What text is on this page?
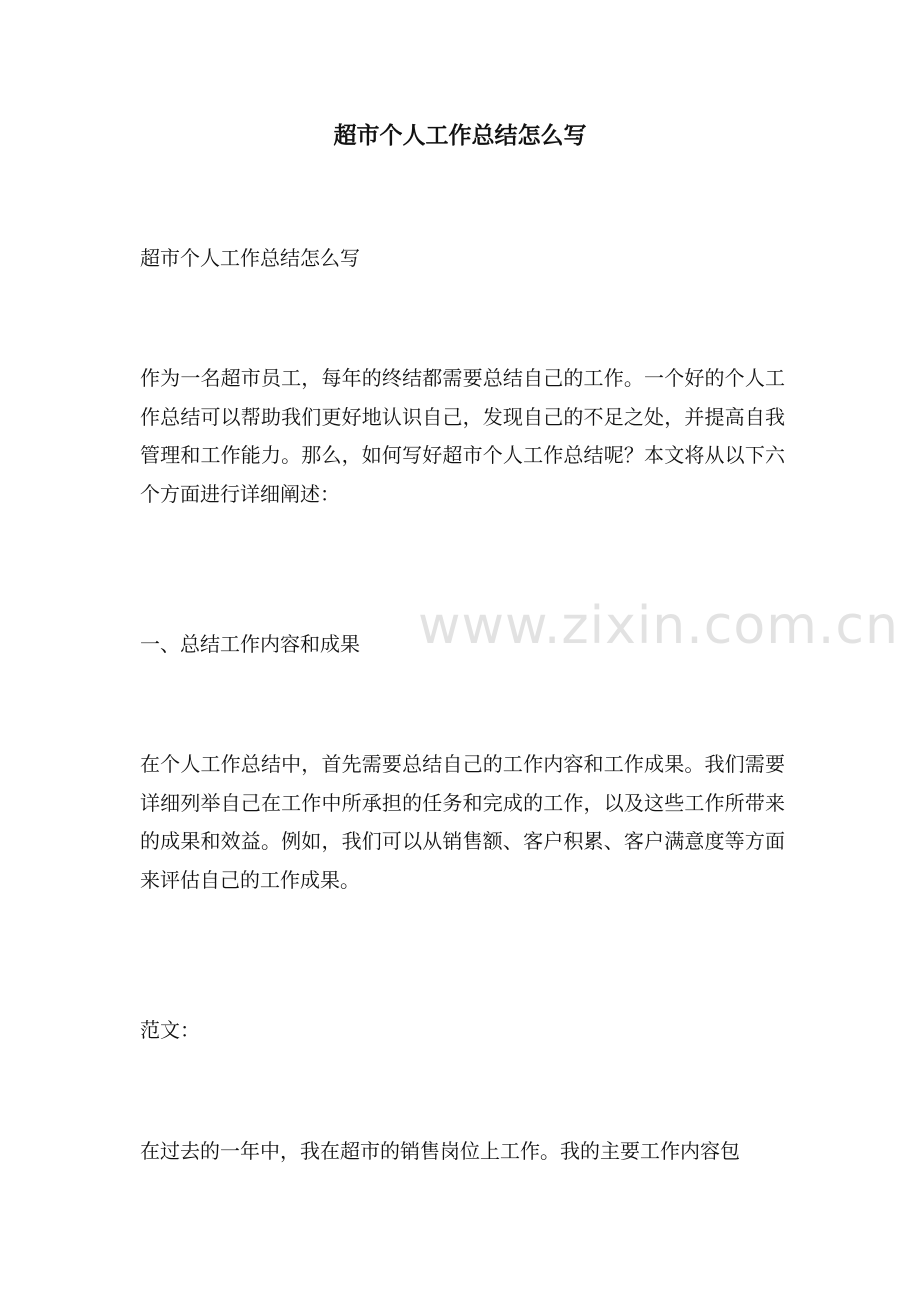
超市个人工作总结怎么写

超市个人工作总结怎么写

作为一名超市员工，每年的终结都需要总结自己的工作。一个好的个人工作总结可以帮助我们更好地认识自己，发现自己的不足之处，并提高自我管理和工作能力。那么，如何写好超市个人工作总结呢？本文将从以下六个方面进行详细阐述：

一、总结工作内容和成果

在个人工作总结中，首先需要总结自己的工作内容和工作成果。我们需要详细列举自己在工作中所承担的任务和完成的工作，以及这些工作所带来的成果和效益。例如，我们可以从销售额、客户积累、客户满意度等方面来评估自己的工作成果。

范文：

在过去的一年中，我在超市的销售岗位上工作。我的主要工作内容包

www.zixin.com.cn
